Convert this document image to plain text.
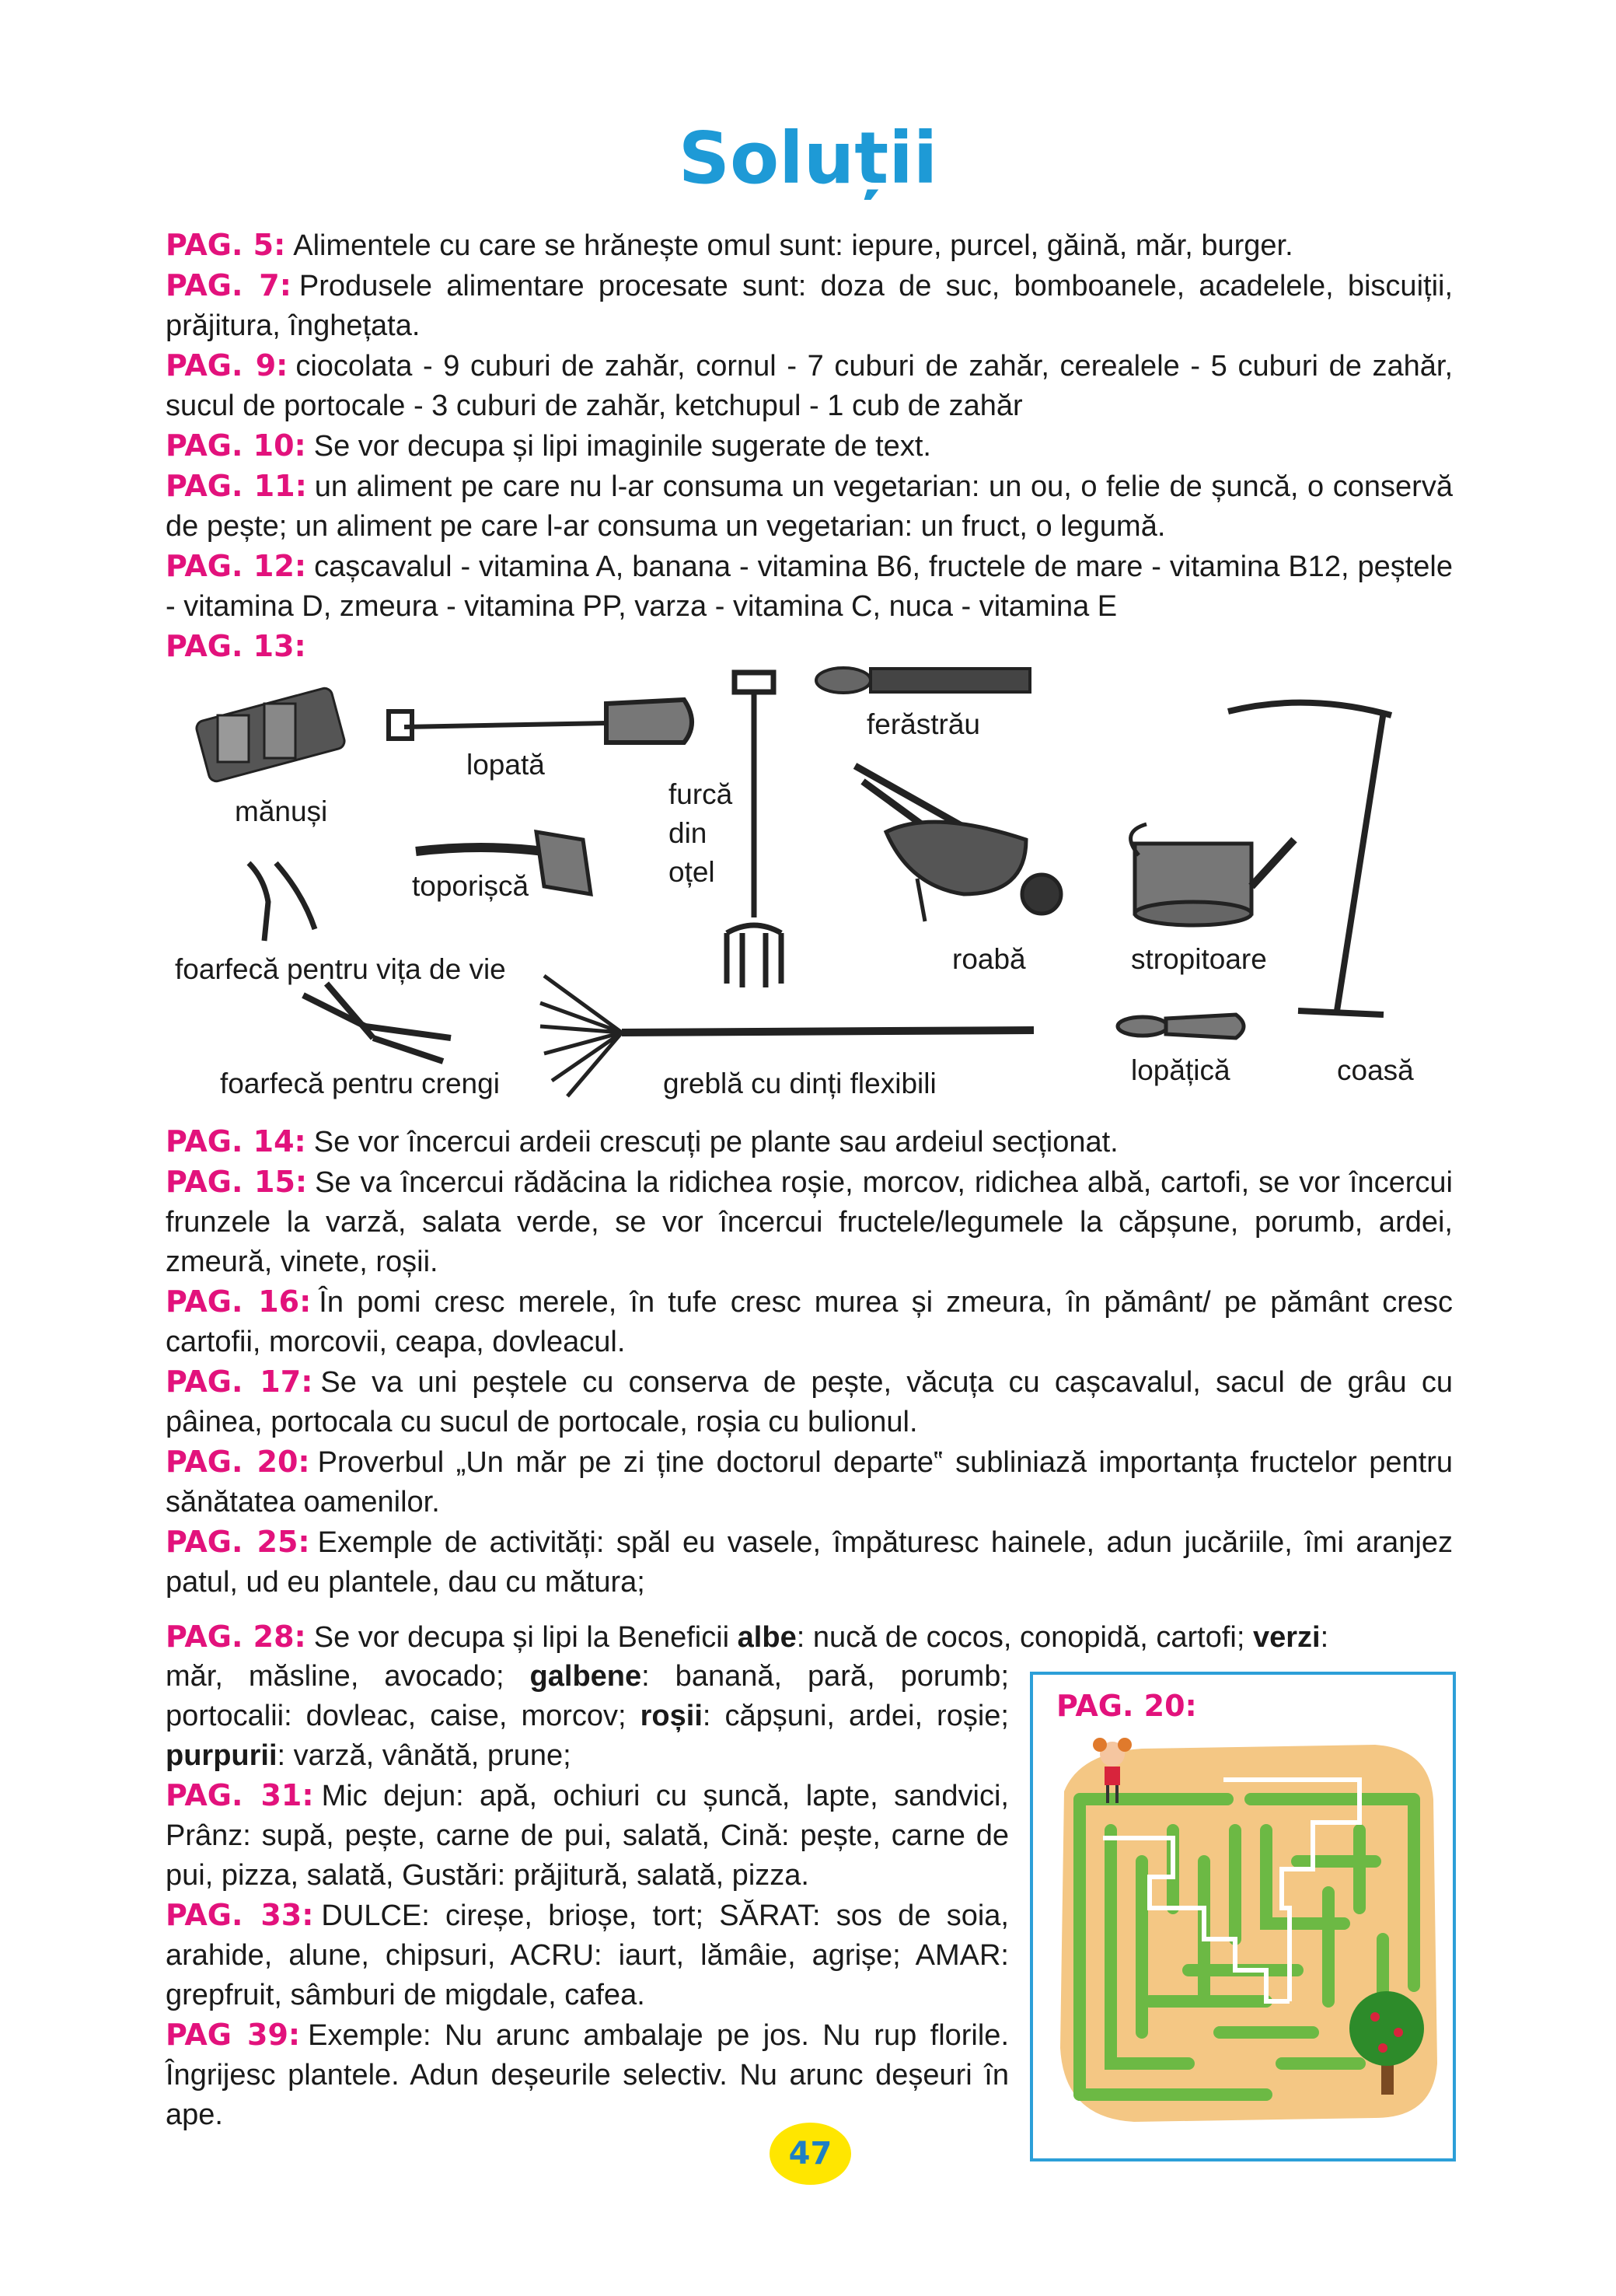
Soluții
PAG. 5: Alimentele cu care se hrănește omul sunt: iepure, purcel, găină, măr, burger.
PAG. 7: Produsele alimentare procesate sunt: doza de suc, bomboanele, acadelele, biscuiții, prăjitura, înghețata.
PAG. 9: ciocolata - 9 cuburi de zahăr, cornul - 7 cuburi de zahăr, cerealele - 5 cuburi de zahăr, sucul de portocale - 3 cuburi de zahăr, ketchupul - 1 cub de zahăr
PAG. 10: Se vor decupa și lipi imaginile sugerate de text.
PAG. 11: un aliment pe care nu l-ar consuma un vegetarian: un ou, o felie de șuncă, o conservă de pește; un aliment pe care l-ar consuma un vegetarian: un fruct, o legumă.
PAG. 12: cașcavalul - vitamina A, banana - vitamina B6, fructele de mare - vitamina B12, peștele - vitamina D, zmeura - vitamina PP, varza - vitamina C, nuca - vitamina E
PAG. 13:
mănuși
lopată
furcă
din
oțel
ferăstrău
toporișcă
foarfecă pentru vița de vie	roabă	stropitoare
foarfecă pentru crengi	greblă cu dinți flexibili	lopățică	coasă
PAG. 14: Se vor încercui ardeii crescuți pe plante sau ardeiul secționat.
PAG. 15: Se va încercui rădăcina la ridichea roșie, morcov, ridichea albă, cartofi, se vor încercui frunzele la varză, salata verde, se vor încercui fructele/legumele la căpșune, porumb, ardei, zmeură, vinete, roșii.
PAG. 16: În pomi cresc merele, în tufe cresc murea și zmeura, în pământ/ pe pământ cresc cartofii, morcovii, ceapa, dovleacul.
PAG. 17: Se va uni peștele cu conserva de pește, văcuța cu cașcavalul, sacul de grâu cu pâinea, portocala cu sucul de portocale, roșia cu bulionul.
PAG. 20: Proverbul „Un măr pe zi ține doctorul departe‟ subliniază importanța fructelor pentru sănătatea oamenilor.
PAG. 25: Exemple de activități: spăl eu vasele, împăturesc hainele, adun jucăriile, îmi aranjez patul, ud eu plantele, dau cu mătura;
PAG. 28: Se vor decupa și lipi la Beneficii albe: nucă de cocos, conopidă, cartofi; verzi:
măr, măsline, avocado; galbene: banană, pară, porumb; portocalii: dovleac, caise, morcov; roșii: căpșuni, ardei, roșie; purpurii: varză, vânătă, prune;
PAG. 31: Mic dejun: apă, ochiuri cu șuncă, lapte, sandvici, Prânz: supă, pește, carne de pui, salată, Cină: pește, carne de pui, pizza, salată, Gustări: prăjitură, salată, pizza.
PAG. 33: DULCE: cireșe, brioșe, tort; SĂRAT: sos de soia, arahide, alune, chipsuri, ACRU: iaurt, lămâie, agrișe; AMAR: grepfruit, sâmburi de migdale, cafea.
PAG 39: Exemple: Nu arunc ambalaje pe jos. Nu rup florile. Îngrijesc plantele. Adun deșeurile selectiv. Nu arunc deșeuri în ape.
PAG. 20:
47
